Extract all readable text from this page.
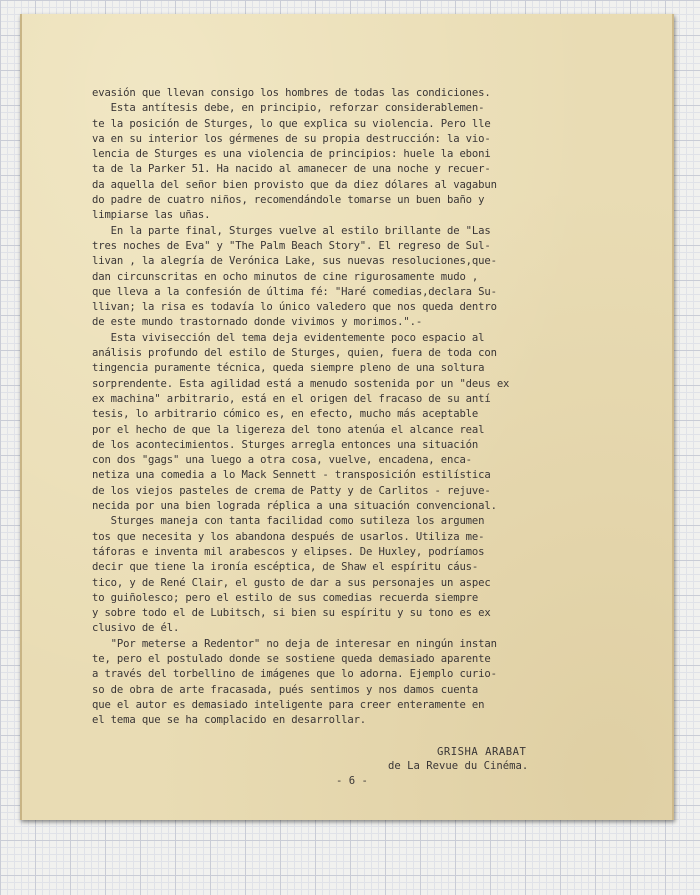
evasión que llevan consigo los hombres de todas las condiciones.
Esta antítesis debe, en principio, reforzar considerablemen-
te la posición de Sturges, lo que explica su violencia. Pero lle
va en su interior los gérmenes de su propia destrucción: la vio-
lencia de Sturges es una violencia de principios: huele la eboni
ta de la Parker 51. Ha nacido al amanecer de una noche y recuer-
da aquella del señor bien provisto que da diez dólares al vagabun
do padre de cuatro niños, recomendándole tomarse un buen baño y
limpiarse las uñas.
En la parte final, Sturges vuelve al estilo brillante de "Las
tres noches de Eva" y "The Palm Beach Story". El regreso de Sul-
livan , la alegría de Verónica Lake, sus nuevas resoluciones,que-
dan circunscritas en ocho minutos de cine rigurosamente mudo ,
que lleva a la confesión de última fé: "Haré comedias,declara Su-
llivan; la risa es todavía lo único valedero que nos queda dentro
de este mundo trastornado donde vivimos y morimos.".-
Esta vivisección del tema deja evidentemente poco espacio al
análisis profundo del estilo de Sturges, quien, fuera de toda con
tingencia puramente técnica, queda siempre pleno de una soltura
sorprendente. Esta agilidad está a menudo sostenida por un "deus ex
ex machina" arbitrario, está en el origen del fracaso de su antí
tesis, lo arbitrario cómico es, en efecto, mucho más aceptable
por el hecho de que la ligereza del tono atenúa el alcance real
de los acontecimientos. Sturges arregla entonces una situación
con dos "gags" una luego a otra cosa, vuelve, encadena, enca-
netiza una comedia a lo Mack Sennett - transposición estilística
de los viejos pasteles de crema de Patty y de Carlitos - rejuve-
necida por una bien lograda réplica a una situación convencional.
Sturges maneja con tanta facilidad como sutileza los argumen
tos que necesita y los abandona después de usarlos. Utiliza me-
táforas e inventa mil arabescos y elipses. De Huxley, podríamos
decir que tiene la ironía escéptica, de Shaw el espíritu cáus-
tico, y de René Clair, el gusto de dar a sus personajes un aspec
to guiñolesco; pero el estilo de sus comedias recuerda siempre
y sobre todo el de Lubitsch, si bien su espíritu y su tono es ex
clusivo de él.
"Por meterse a Redentor" no deja de interesar en ningún instan
te, pero el postulado donde se sostiene queda demasiado aparente
a través del torbellino de imágenes que lo adorna. Ejemplo curio-
so de obra de arte fracasada, pués sentimos y nos damos cuenta
que el autor es demasiado inteligente para creer enteramente en
el tema que se ha complacido en desarrollar.
GRISHA ARABAT
de La Revue du Cinéma.
- 6 -
